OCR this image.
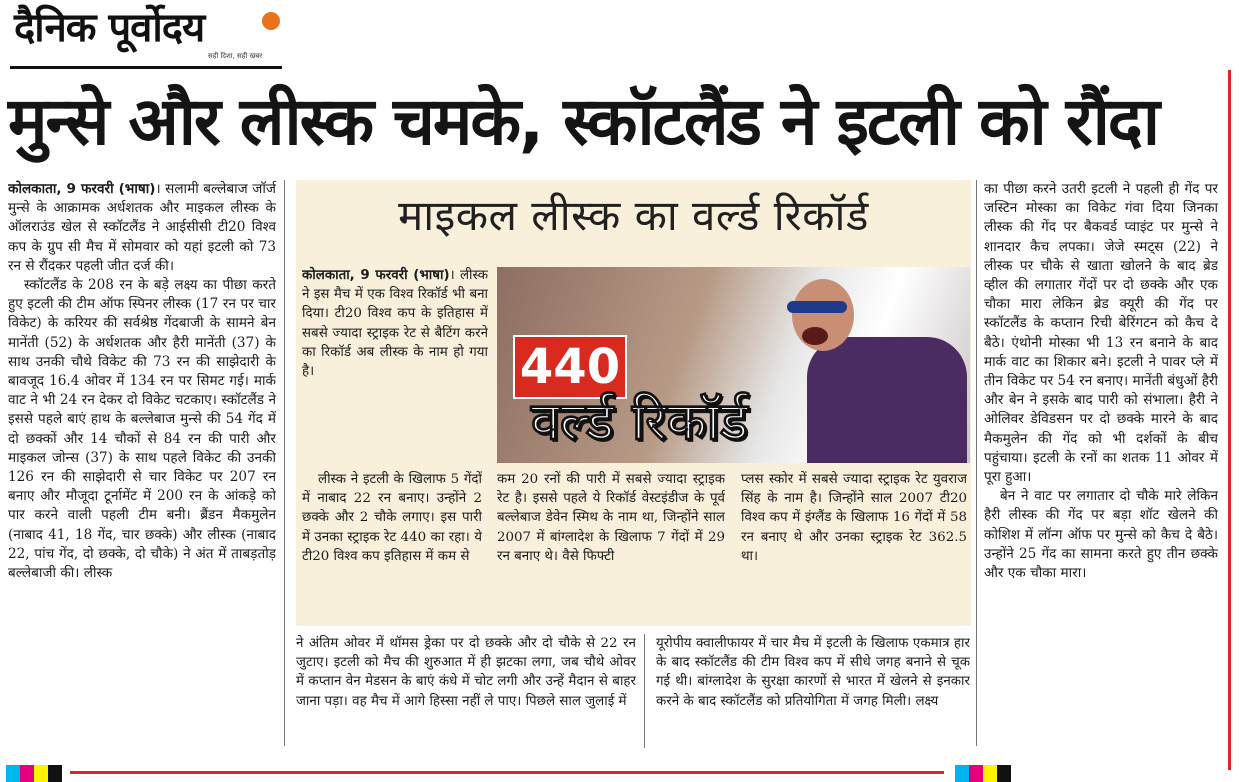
दैनिक पूर्वोदय
सही दिशा, सही खबर
मुन्से और लीस्क चमके, स्कॉटलैंड ने इटली को रौंदा

कोलकाता, 9 फरवरी (भाषा)। सलामी बल्लेबाज जॉर्ज मुन्से के आक्रामक अर्धशतक और माइकल लीस्क के ऑलराउंड खेल से स्कॉटलैंड ने आईसीसी टी20 विश्व कप के ग्रुप सी मैच में सोमवार को यहां इटली को 73 रन से रौंदकर पहली जीत दर्ज की।

स्कॉटलैंड के 208 रन के बड़े लक्ष्य का पीछा करते हुए इटली की टीम ऑफ स्पिनर लीस्क (17 रन पर चार विकेट) के करियर की सर्वश्रेष्ठ गेंदबाजी के सामने बेन मानेंती (52) के अर्धशतक और हैरी मानेंती (37) के साथ उनकी चौथे विकेट की 73 रन की साझेदारी के बावजूद 16.4 ओवर में 134 रन पर सिमट गई। मार्क वाट ने भी 24 रन देकर दो विकेट चटकाए। स्कॉटलैंड ने इससे पहले बाएं हाथ के बल्लेबाज मुन्से की 54 गेंद में दो छक्कों और 14 चौकों से 84 रन की पारी और माइकल जोन्स (37) के साथ पहले विकेट की उनकी 126 रन की साझेदारी से चार विकेट पर 207 रन बनाए और मौजूदा टूर्नामेंट में 200 रन के आंकड़े को पार करने वाली पहली टीम बनी। ब्रैंडन मैकमुलेन (नाबाद 41, 18 गेंद, चार छक्के) और लीस्क (नाबाद 22, पांच गेंद, दो छक्के, दो चौके) ने अंत में ताबड़तोड़ बल्लेबाजी की। लीस्क

माइकल लीस्क का वर्ल्ड रिकॉर्ड

कोलकाता, 9 फरवरी (भाषा)। लीस्क ने इस मैच में एक विश्व रिकॉर्ड भी बना दिया। टी20 विश्व कप के इतिहास में सबसे ज्यादा स्ट्राइक रेट से बैटिंग करने का रिकॉर्ड अब लीस्क के नाम हो गया है।	440
वर्ल्ड रिकॉर्ड

लीस्क ने इटली के खिलाफ 5 गेंदों में नाबाद 22 रन बनाए। उन्होंने 2 छक्के और 2 चौके लगाए। इस पारी में उनका स्ट्राइक रेट 440 का रहा। ये टी20 विश्व कप इतिहास में कम से

कम 20 रनों की पारी में सबसे ज्यादा स्ट्राइक रेट है। इससे पहले ये रिकॉर्ड वेस्टइंडीज के पूर्व बल्लेबाज डेवेन स्मिथ के नाम था, जिन्होंने साल 2007 में बांग्लादेश के खिलाफ 7 गेंदों में 29 रन बनाए थे। वैसे फिफ्टी

प्लस स्कोर में सबसे ज्यादा स्ट्राइक रेट युवराज सिंह के नाम है। जिन्होंने साल 2007 टी20 विश्व कप में इंग्लैंड के खिलाफ 16 गेंदों में 58 रन बनाए थे और उनका स्ट्राइक रेट 362.5 था।

का पीछा करने उतरी इटली ने पहली ही गेंद पर जस्टिन मोस्का का विकेट गंवा दिया जिनका लीस्क की गेंद पर बैकवर्ड प्वाइंट पर मुन्से ने शानदार कैच लपका। जेजे स्मट्स (22) ने लीस्क पर चौके से खाता खोलने के बाद ब्रेड व्हील की लगातार गेंदों पर दो छक्के और एक चौका मारा लेकिन ब्रेड क्यूरी की गेंद पर स्कॉटलैंड के कप्तान रिची बेरिंगटन को कैच दे बैठे। एंथोनी मोस्का भी 13 रन बनाने के बाद मार्क वाट का शिकार बने। इटली ने पावर प्ले में तीन विकेट पर 54 रन बनाए। मानेंती बंधुओं हैरी और बेन ने इसके बाद पारी को संभाला। हैरी ने ओलिवर डेविडसन पर दो छक्के मारने के बाद मैकमुलेन की गेंद को भी दर्शकों के बीच पहुंचाया। इटली के रनों का शतक 11 ओवर में पूरा हुआ।

बेन ने वाट पर लगातार दो चौके मारे लेकिन हैरी लीस्क की गेंद पर बड़ा शॉट खेलने की कोशिश में लॉन्ग ऑफ पर मुन्से को कैच दे बैठे। उन्होंने 25 गेंद का सामना करते हुए तीन छक्के और एक चौका मारा।

ने अंतिम ओवर में थॉमस ड्रेका पर दो छक्के और दो चौके से 22 रन जुटाए। इटली को मैच की शुरुआत में ही झटका लगा, जब चौथे ओवर में कप्तान वेन मेडसन के बाएं कंधे में चोट लगी और उन्हें मैदान से बाहर जाना पड़ा। वह मैच में आगे हिस्सा नहीं ले पाए। पिछले साल जुलाई में

यूरोपीय क्वालीफायर में चार मैच में इटली के खिलाफ एकमात्र हार के बाद स्कॉटलैंड की टीम विश्व कप में सीधे जगह बनाने से चूक गई थी। बांग्लादेश के सुरक्षा कारणों से भारत में खेलने से इनकार करने के बाद स्कॉटलैंड को प्रतियोगिता में जगह मिली। लक्ष्य
